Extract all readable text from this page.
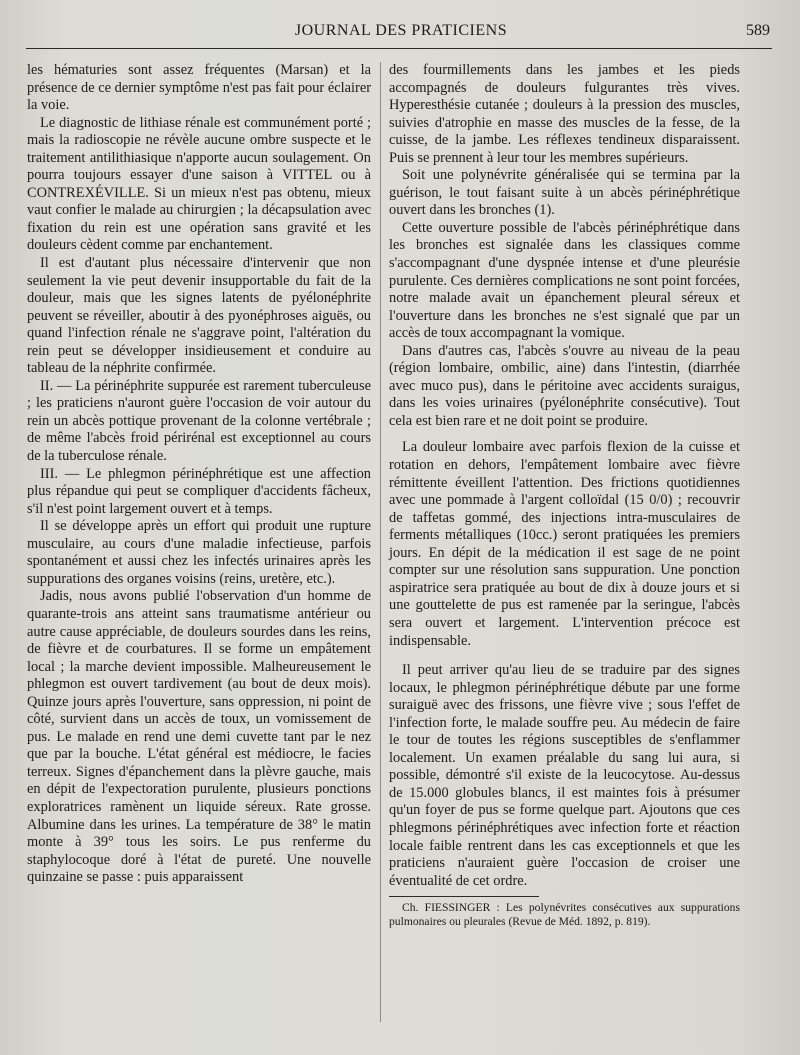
JOURNAL DES PRATICIENS	589

les hématuries sont assez fréquentes (Marsan) et la présence de ce dernier symptôme n'est pas fait pour éclairer la voie.

Le diagnostic de lithiase rénale est communément porté ; mais la radioscopie ne révèle aucune ombre suspecte et le traitement antilithiasique n'apporte aucun soulagement. On pourra toujours essayer d'une saison à VITTEL ou à CONTREXÉVILLE. Si un mieux n'est pas obtenu, mieux vaut confier le malade au chirurgien ; la décapsulation avec fixation du rein est une opération sans gravité et les douleurs cèdent comme par enchantement.

Il est d'autant plus nécessaire d'intervenir que non seulement la vie peut devenir insupportable du fait de la douleur, mais que les signes latents de pyélonéphrite peuvent se réveiller, aboutir à des pyonéphroses aiguës, ou quand l'infection rénale ne s'aggrave point, l'altération du rein peut se développer insidieusement et conduire au tableau de la néphrite confirmée.

II. — La périnéphrite suppurée est rarement tuberculeuse ; les praticiens n'auront guère l'occasion de voir autour du rein un abcès pottique provenant de la colonne vertébrale ; de même l'abcès froid périrénal est exceptionnel au cours de la tuberculose rénale.

III. — Le phlegmon périnéphrétique est une affection plus répandue qui peut se compliquer d'accidents fâcheux, s'il n'est point largement ouvert et à temps.

Il se développe après un effort qui produit une rupture musculaire, au cours d'une maladie infectieuse, parfois spontanément et aussi chez les infectés urinaires après les suppurations des organes voisins (reins, uretère, etc.).

Jadis, nous avons publié l'observation d'un homme de quarante-trois ans atteint sans traumatisme antérieur ou autre cause appréciable, de douleurs sourdes dans les reins, de fièvre et de courbatures. Il se forme un empâtement local ; la marche devient impossible. Malheureusement le phlegmon est ouvert tardivement (au bout de deux mois). Quinze jours après l'ouverture, sans oppression, ni point de côté, survient dans un accès de toux, un vomissement de pus. Le malade en rend une demi cuvette tant par le nez que par la bouche. L'état général est médiocre, le facies terreux. Signes d'épanchement dans la plèvre gauche, mais en dépit de l'expectoration purulente, plusieurs ponctions exploratrices ramènent un liquide séreux. Rate grosse. Albumine dans les urines. La température de 38° le matin monte à 39° tous les soirs. Le pus renferme du staphylocoque doré à l'état de pureté. Une nouvelle quinzaine se passe : puis apparaissent

des fourmillements dans les jambes et les pieds accompagnés de douleurs fulgurantes très vives. Hyperesthésie cutanée ; douleurs à la pression des muscles, suivies d'atrophie en masse des muscles de la fesse, de la cuisse, de la jambe. Les réflexes tendineux disparaissent. Puis se prennent à leur tour les membres supérieurs.

Soit une polynévrite généralisée qui se termina par la guérison, le tout faisant suite à un abcès périnéphrétique ouvert dans les bronches (1).

Cette ouverture possible de l'abcès périnéphrétique dans les bronches est signalée dans les classiques comme s'accompagnant d'une dyspnée intense et d'une pleurésie purulente. Ces dernières complications ne sont point forcées, notre malade avait un épanchement pleural séreux et l'ouverture dans les bronches ne s'est signalé que par un accès de toux accompagnant la vomique.

Dans d'autres cas, l'abcès s'ouvre au niveau de la peau (région lombaire, ombilic, aine) dans l'intestin, (diarrhée avec muco pus), dans le péritoine avec accidents suraigus, dans les voies urinaires (pyélonéphrite consécutive). Tout cela est bien rare et ne doit point se produire.

La douleur lombaire avec parfois flexion de la cuisse et rotation en dehors, l'empâtement lombaire avec fièvre rémittente éveillent l'attention. Des frictions quotidiennes avec une pommade à l'argent colloïdal (15 0/0) ; recouvrir de taffetas gommé, des injections intra-musculaires de ferments métalliques (10cc.) seront pratiquées les premiers jours. En dépit de la médication il est sage de ne point compter sur une résolution sans suppuration. Une ponction aspiratrice sera pratiquée au bout de dix à douze jours et si une gouttelette de pus est ramenée par la seringue, l'abcès sera ouvert et largement. L'intervention précoce est indispensable.

Il peut arriver qu'au lieu de se traduire par des signes locaux, le phlegmon périnéphrétique débute par une forme suraiguë avec des frissons, une fièvre vive ; sous l'effet de l'infection forte, le malade souffre peu. Au médecin de faire le tour de toutes les régions susceptibles de s'enflammer localement. Un examen préalable du sang lui aura, si possible, démontré s'il existe de la leucocytose. Au-dessus de 15.000 globules blancs, il est maintes fois à présumer qu'un foyer de pus se forme quelque part. Ajoutons que ces phlegmons périnéphrétiques avec infection forte et réaction locale faible rentrent dans les cas exceptionnels et que les praticiens n'auraient guère l'occasion de croiser une éventualité de cet ordre.

Ch. FIESSINGER : Les polynévrites consécutives aux suppurations pulmonaires ou pleurales (Revue de Méd. 1892, p. 819).
